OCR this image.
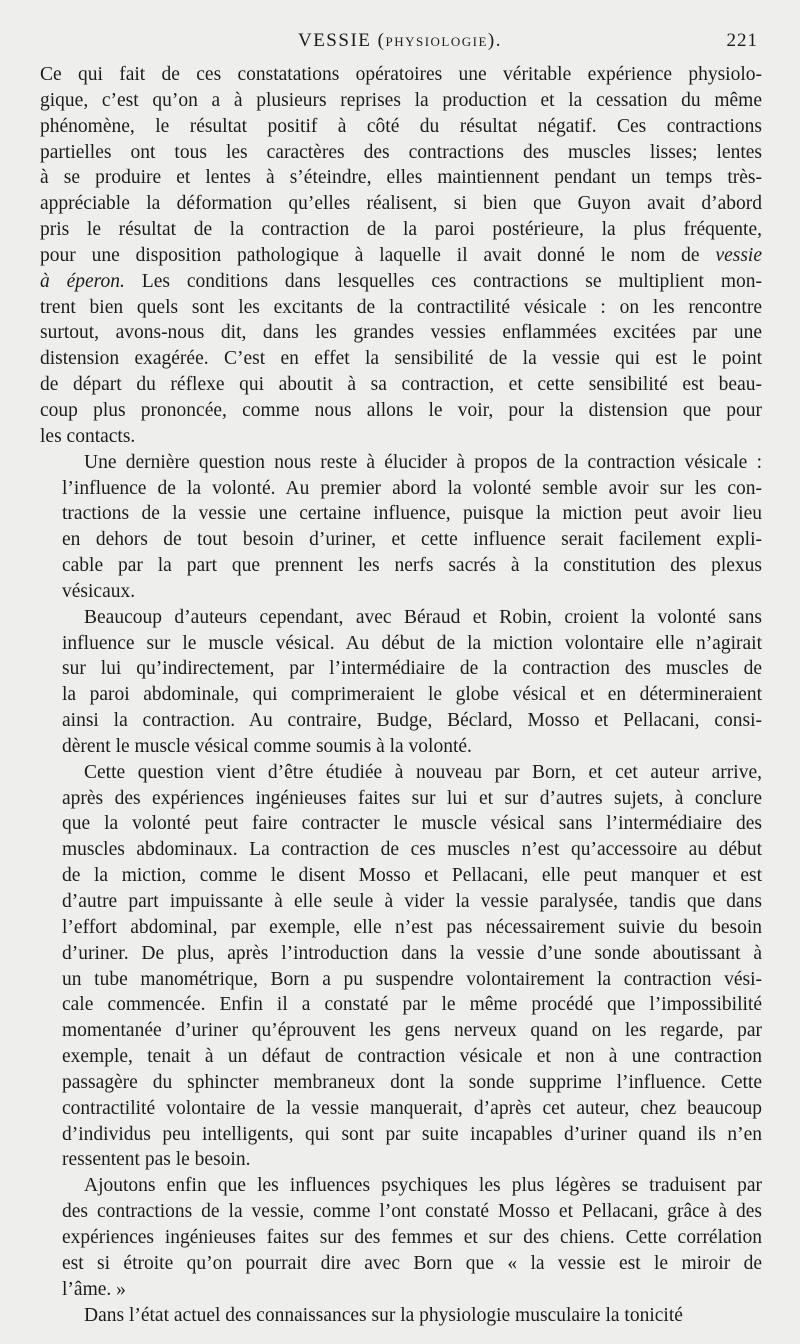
VESSIE (PHYSIOLOGIE).	221
Ce qui fait de ces constatations opératoires une véritable expérience physiolo-
gique, c’est qu’on a à plusieurs reprises la production et la cessation du même
phénomène, le résultat positif à côté du résultat négatif. Ces contractions
partielles ont tous les caractères des contractions des muscles lisses; lentes
à se produire et lentes à s’éteindre, elles maintiennent pendant un temps très-
appréciable la déformation qu’elles réalisent, si bien que Guyon avait d’abord
pris le résultat de la contraction de la paroi postérieure, la plus fréquente,
pour une disposition pathologique à laquelle il avait donné le nom de vessie
à éperon. Les conditions dans lesquelles ces contractions se multiplient mon-
trent bien quels sont les excitants de la contractilité vésicale : on les rencontre
surtout, avons-nous dit, dans les grandes vessies enflammées excitées par une
distension exagérée. C’est en effet la sensibilité de la vessie qui est le point
de départ du réflexe qui aboutit à sa contraction, et cette sensibilité est beau-
coup plus prononcée, comme nous allons le voir, pour la distension que pour
les contacts.
Une dernière question nous reste à élucider à propos de la contraction vésicale :
l’influence de la volonté. Au premier abord la volonté semble avoir sur les con-
tractions de la vessie une certaine influence, puisque la miction peut avoir lieu
en dehors de tout besoin d’uriner, et cette influence serait facilement expli-
cable par la part que prennent les nerfs sacrés à la constitution des plexus
vésicaux.
Beaucoup d’auteurs cependant, avec Béraud et Robin, croient la volonté sans
influence sur le muscle vésical. Au début de la miction volontaire elle n’agirait
sur lui qu’indirectement, par l’intermédiaire de la contraction des muscles de
la paroi abdominale, qui comprimeraient le globe vésical et en détermineraient
ainsi la contraction. Au contraire, Budge, Béclard, Mosso et Pellacani, consi-
dèrent le muscle vésical comme soumis à la volonté.
Cette question vient d’être étudiée à nouveau par Born, et cet auteur arrive,
après des expériences ingénieuses faites sur lui et sur d’autres sujets, à conclure
que la volonté peut faire contracter le muscle vésical sans l’intermédiaire des
muscles abdominaux. La contraction de ces muscles n’est qu’accessoire au début
de la miction, comme le disent Mosso et Pellacani, elle peut manquer et est
d’autre part impuissante à elle seule à vider la vessie paralysée, tandis que dans
l’effort abdominal, par exemple, elle n’est pas nécessairement suivie du besoin
d’uriner. De plus, après l’introduction dans la vessie d’une sonde aboutissant à
un tube manométrique, Born a pu suspendre volontairement la contraction vési-
cale commencée. Enfin il a constaté par le même procédé que l’impossibilité
momentanée d’uriner qu’éprouvent les gens nerveux quand on les regarde, par
exemple, tenait à un défaut de contraction vésicale et non à une contraction
passagère du sphincter membraneux dont la sonde supprime l’influence. Cette
contractilité volontaire de la vessie manquerait, d’après cet auteur, chez beaucoup
d’individus peu intelligents, qui sont par suite incapables d’uriner quand ils n’en
ressentent pas le besoin.
Ajoutons enfin que les influences psychiques les plus légères se traduisent par
des contractions de la vessie, comme l’ont constaté Mosso et Pellacani, grâce à des
expériences ingénieuses faites sur des femmes et sur des chiens. Cette corrélation
est si étroite qu’on pourrait dire avec Born que « la vessie est le miroir de
l’âme. »
Dans l’état actuel des connaissances sur la physiologie musculaire la tonicité
